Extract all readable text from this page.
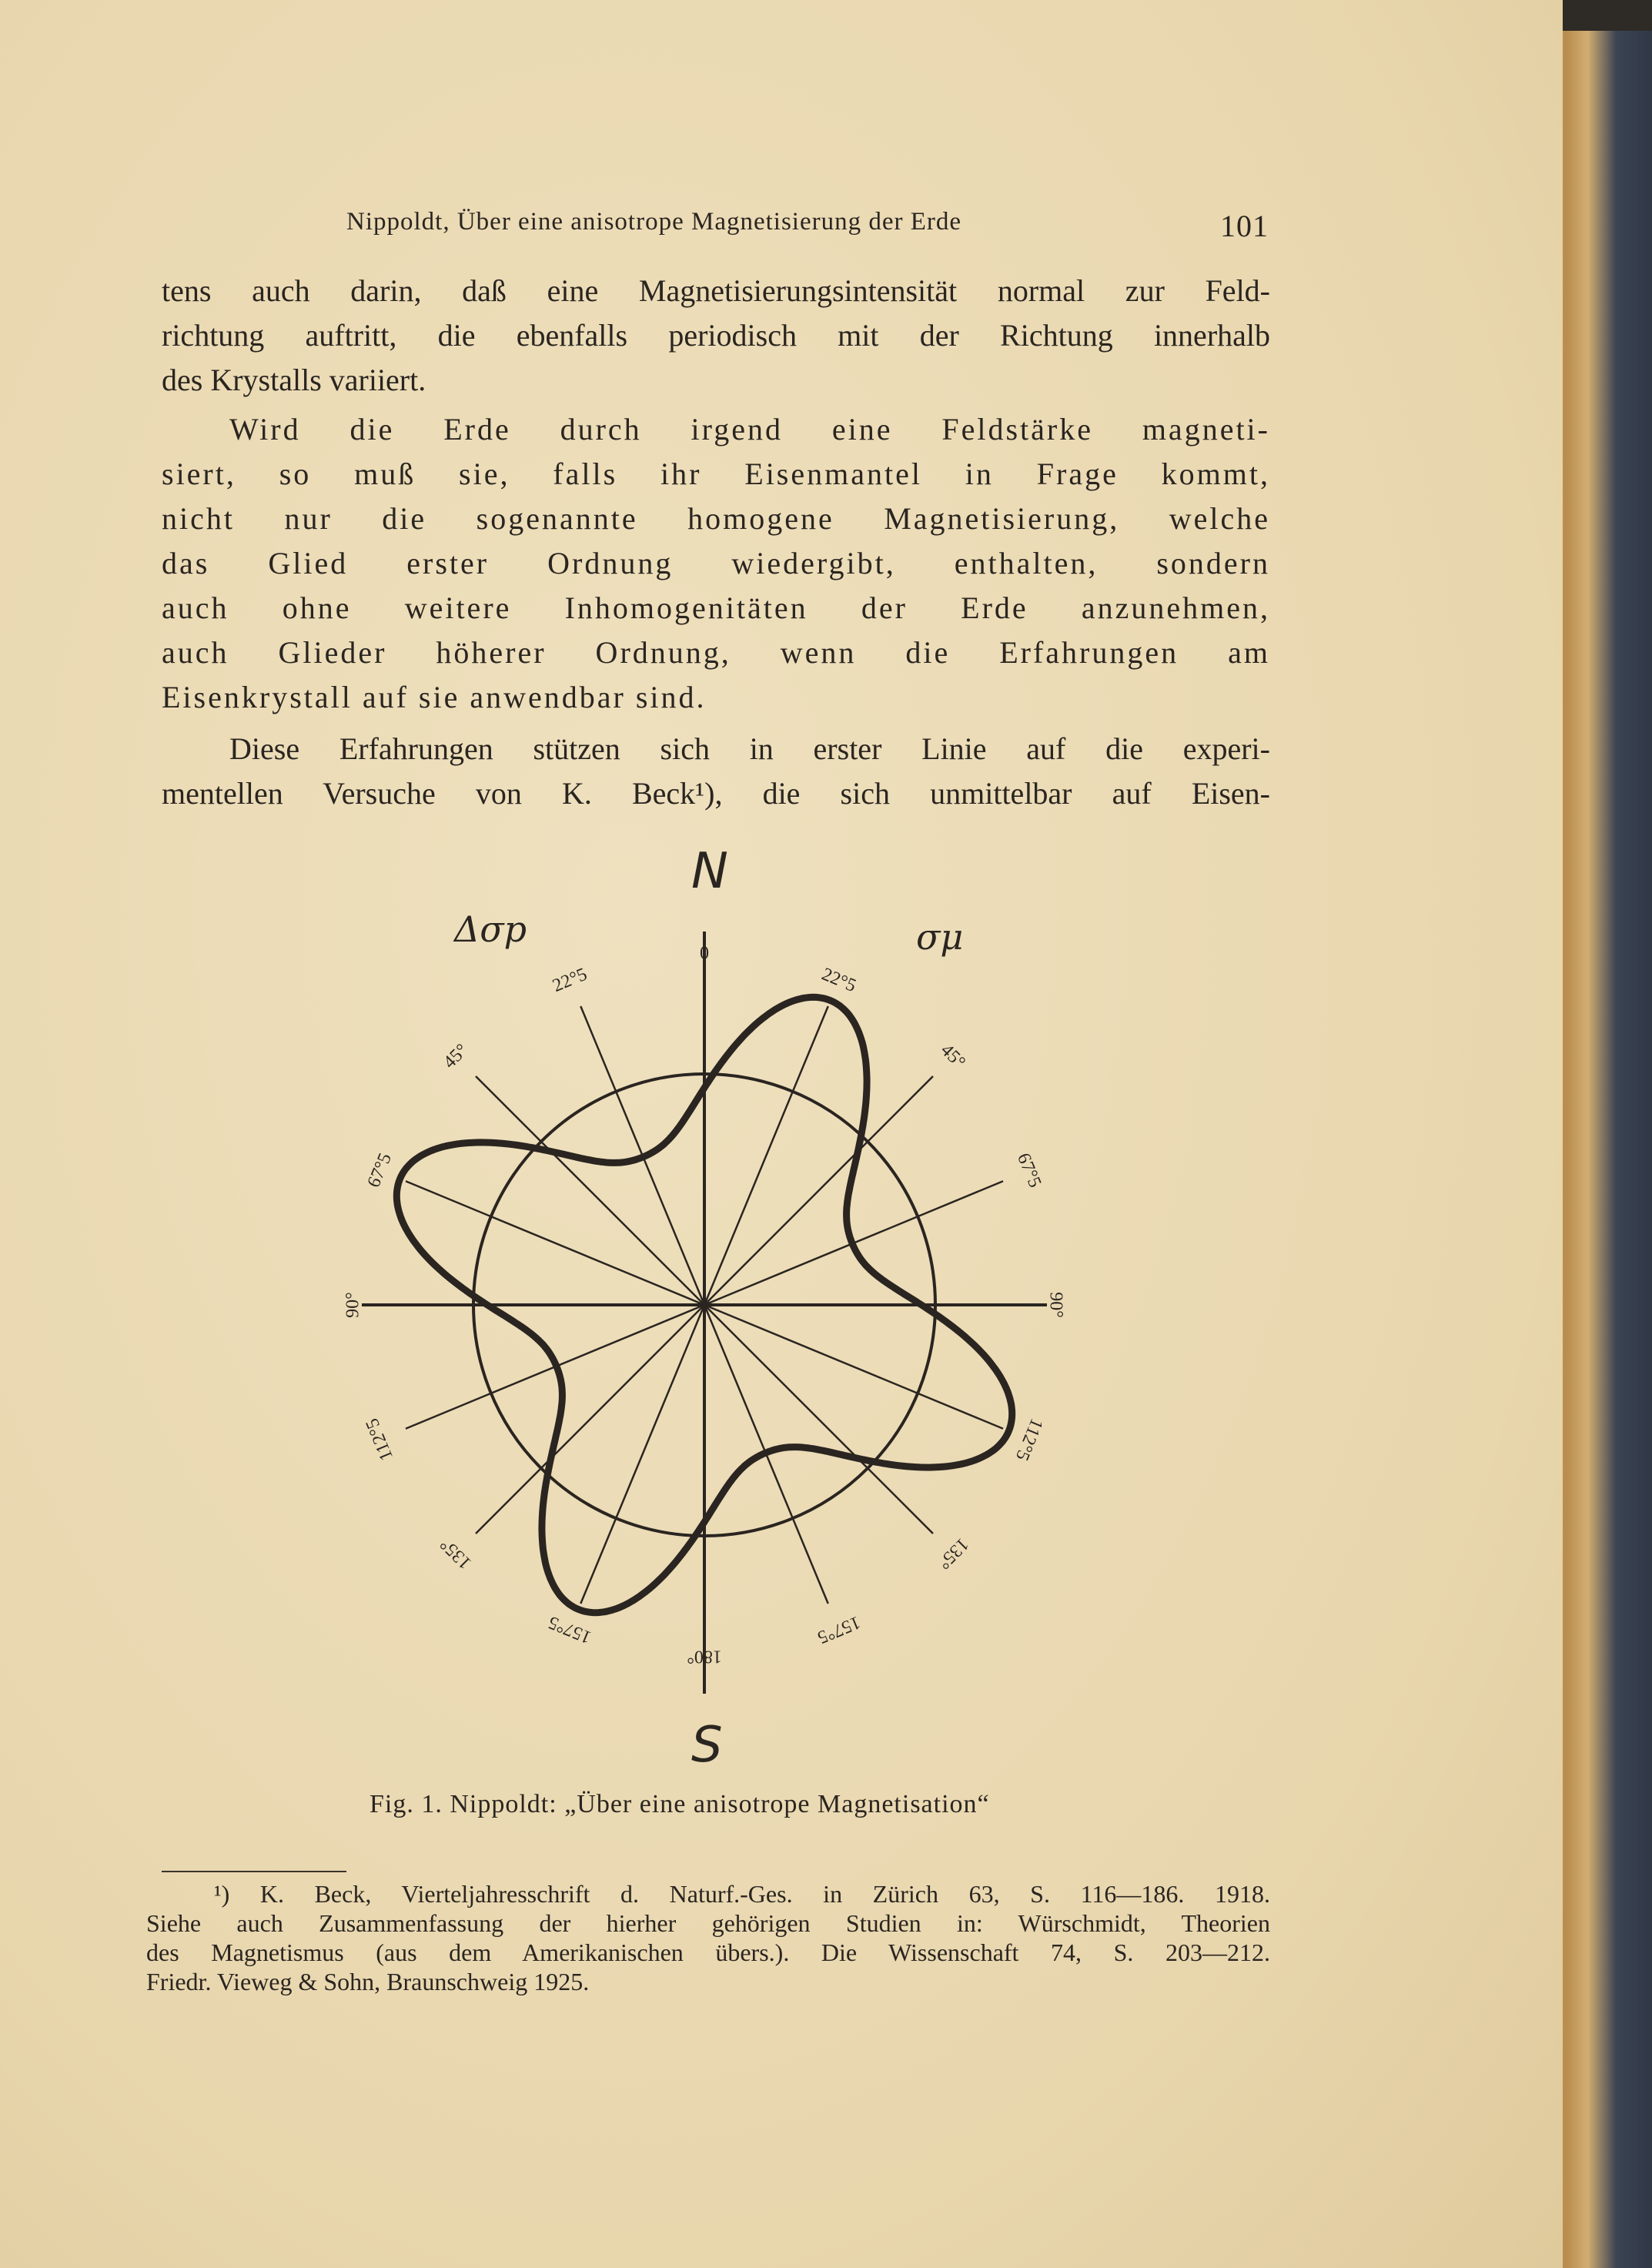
Nippoldt, Über eine anisotrope Magnetisierung der Erde	101
tens auch darin, daß eine Magnetisierungsintensität normal zur Feld-
richtung auftritt, die ebenfalls periodisch mit der Richtung innerhalb
des Krystalls variiert.
Wird die Erde durch irgend eine Feldstärke magneti-
siert, so muß sie, falls ihr Eisenmantel in Frage kommt,
nicht nur die sogenannte homogene Magnetisierung, welche
das Glied erster Ordnung wiedergibt, enthalten, sondern
auch ohne weitere Inhomogenitäten der Erde anzunehmen,
auch Glieder höherer Ordnung, wenn die Erfahrungen am
Eisenkrystall auf sie anwendbar sind.
Diese Erfahrungen stützen sich in erster Linie auf die experi-
mentellen Versuche von K. Beck¹), die sich unmittelbar auf Eisen-
0
22°5
45°
67°5
90°
112°5
135°
157°5
180°
157°5
135°
112°5
90°
67°5
45°
22°5
N
S
Δσp	σμ
Fig. 1. Nippoldt: „Über eine anisotrope Magnetisation“
¹) K. Beck, Vierteljahresschrift d. Naturf.-Ges. in Zürich 63, S. 116—186. 1918.
Siehe auch Zusammenfassung der hierher gehörigen Studien in: Würschmidt, Theorien
des Magnetismus (aus dem Amerikanischen übers.). Die Wissenschaft 74, S. 203—212.
Friedr. Vieweg & Sohn, Braunschweig 1925.
